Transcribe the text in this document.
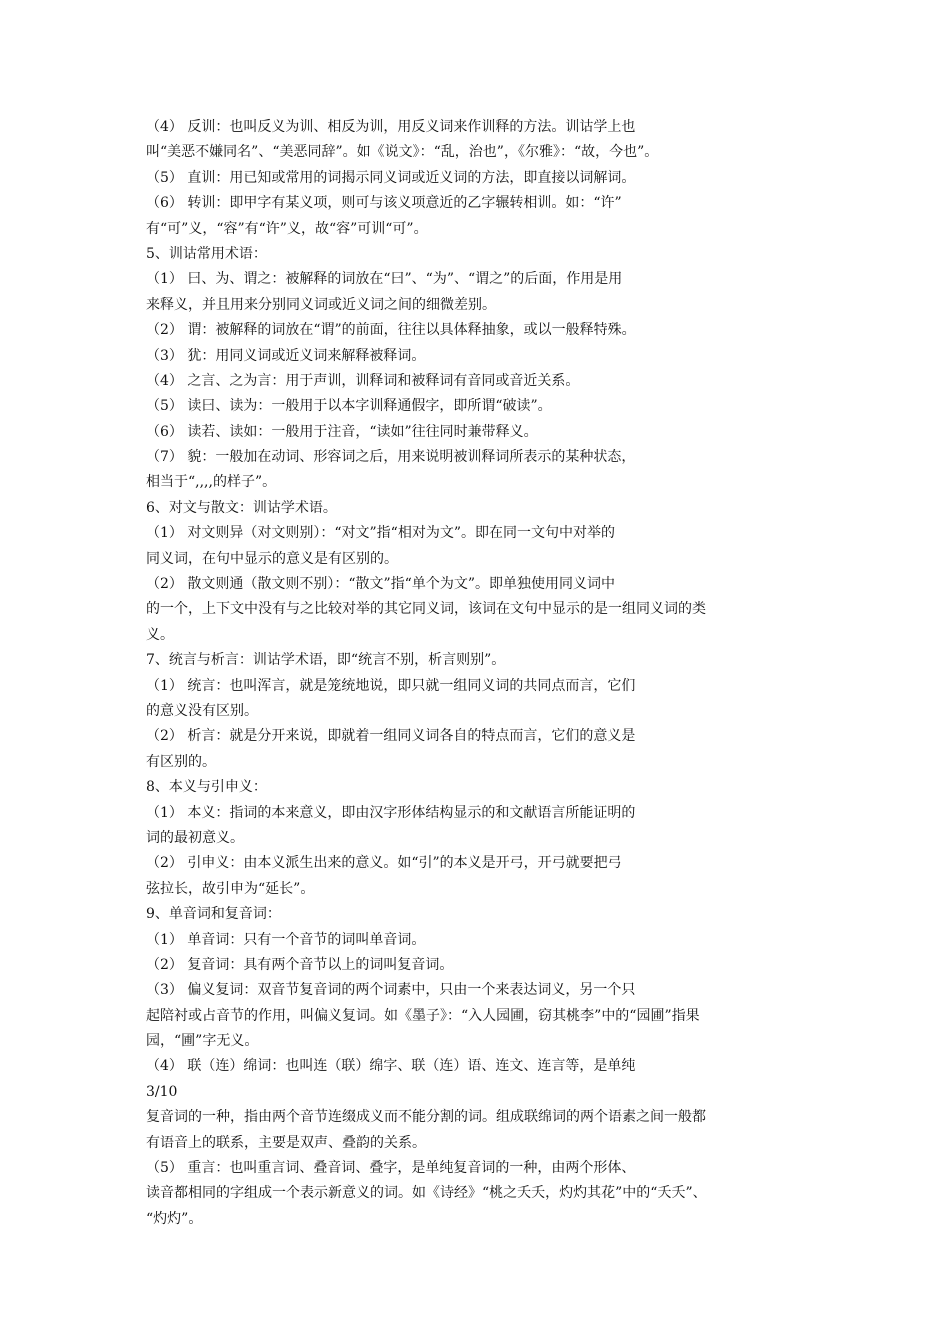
（4） 反训：也叫反义为训、相反为训，用反义词来作训释的方法。训诂学上也
叫“美恶不嫌同名”、“美恶同辞”。如《说文》：“乱，治也”，《尔雅》：“故，今也”。
（5） 直训：用已知或常用的词揭示同义词或近义词的方法，即直接以词解词。
（6） 转训：即甲字有某义项，则可与该义项意近的乙字辗转相训。如：“许”
有“可”义，“容”有“许”义，故“容”可训“可”。
5、训诂常用术语：
（1） 曰、为、谓之：被解释的词放在“曰”、“为”、“谓之”的后面，作用是用
来释义，并且用来分别同义词或近义词之间的细微差别。
（2） 谓：被解释的词放在“谓”的前面，往往以具体释抽象，或以一般释特殊。
（3） 犹：用同义词或近义词来解释被释词。
（4） 之言、之为言：用于声训，训释词和被释词有音同或音近关系。
（5） 读曰、读为：一般用于以本字训释通假字，即所谓“破读”。
（6） 读若、读如：一般用于注音，“读如”往往同时兼带释义。
（7） 貌：一般加在动词、形容词之后，用来说明被训释词所表示的某种状态，
相当于“,,,,的样子”。
6、对文与散文：训诂学术语。
（1） 对文则异（对文则别）：“对文”指“相对为文”。即在同一文句中对举的
同义词，在句中显示的意义是有区别的。
（2） 散文则通（散文则不别）：“散文”指“单个为文”。即单独使用同义词中
的一个，上下文中没有与之比较对举的其它同义词，该词在文句中显示的是一组同义词的类
义。
7、统言与析言：训诂学术语，即“统言不别，析言则别”。
（1） 统言：也叫浑言，就是笼统地说，即只就一组同义词的共同点而言，它们
的意义没有区别。
（2） 析言：就是分开来说，即就着一组同义词各自的特点而言，它们的意义是
有区别的。
8、本义与引申义：
（1） 本义：指词的本来意义，即由汉字形体结构显示的和文献语言所能证明的
词的最初意义。
（2） 引申义：由本义派生出来的意义。如“引”的本义是开弓，开弓就要把弓
弦拉长，故引申为“延长”。
9、单音词和复音词：
（1） 单音词：只有一个音节的词叫单音词。
（2） 复音词：具有两个音节以上的词叫复音词。
（3） 偏义复词：双音节复音词的两个词素中，只由一个来表达词义，另一个只
起陪衬或占音节的作用，叫偏义复词。如《墨子》：“入人园圃，窃其桃李”中的“园圃”指果
园，“圃”字无义。
（4） 联（连）绵词：也叫连（联）绵字、联（连）语、连文、连言等，是单纯
3/10
复音词的一种，指由两个音节连缀成义而不能分割的词。组成联绵词的两个语素之间一般都
有语音上的联系，主要是双声、叠韵的关系。
（5） 重言：也叫重言词、叠音词、叠字，是单纯复音词的一种，由两个形体、
读音都相同的字组成一个表示新意义的词。如《诗经》“桃之夭夭，灼灼其花”中的“夭夭”、
“灼灼”。
